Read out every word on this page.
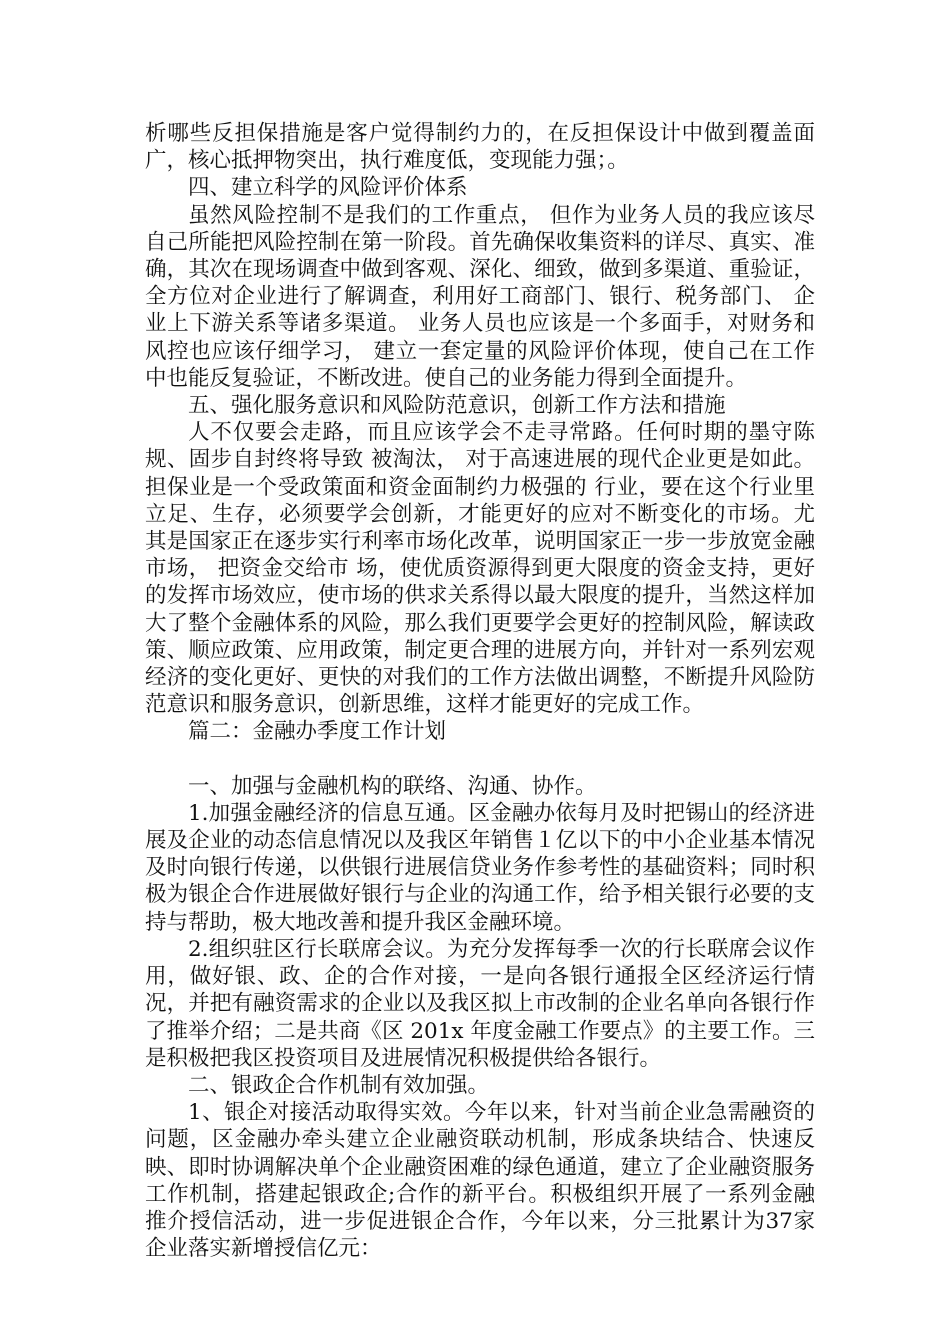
析哪些反担保措施是客户觉得制约力的，在反担保设计中做到覆盖面广，核心抵押物突出，执行难度低，变现能力强；。

四、建立科学的风险评价体系

虽然风险控制不是我们的工作重点， 但作为业务人员的我应该尽自己所能把风险控制在第一阶段。首先确保收集资料的详尽、真实、准确，其次在现场调查中做到客观、深化、细致，做到多渠道、重验证，全方位对企业进行了解调查，利用好工商部门、银行、税务部门、 企业上下游关系等诸多渠道。 业务人员也应该是一个多面手，对财务和风控也应该仔细学习， 建立一套定量的风险评价体现，使自己在工作中也能反复验证，不断改进。使自己的业务能力得到全面提升。

五、强化服务意识和风险防范意识，创新工作方法和措施

人不仅要会走路，而且应该学会不走寻常路。任何时期的墨守陈规、固步自封终将导致 被淘汰， 对于高速进展的现代企业更是如此。担保业是一个受政策面和资金面制约力极强的 行业，要在这个行业里立足、生存，必须要学会创新，才能更好的应对不断变化的市场。尤 其是国家正在逐步实行利率市场化改革，说明国家正一步一步放宽金融市场， 把资金交给市 场，使优质资源得到更大限度的资金支持，更好的发挥市场效应，使市场的供求关系得以最大限度的提升，当然这样加大了整个金融体系的风险，那么我们更要学会更好的控制风险，解读政策、顺应政策、应用政策，制定更合理的进展方向，并针对一系列宏观经济的变化更好、更快的对我们的工作方法做出调整，不断提升风险防范意识和服务意识，创新思维，这样才能更好的完成工作。

篇二：金融办季度工作计划

一、加强与金融机构的联络、沟通、协作。

1.加强金融经济的信息互通。区金融办依每月及时把锡山的经济进展及企业的动态信息情况以及我区年销售１亿以下的中小企业基本情况及时向银行传递，以供银行进展信贷业务作参考性的基础资料；同时积极为银企合作进展做好银行与企业的沟通工作，给予相关银行必要的支持与帮助，极大地改善和提升我区金融环境。

2.组织驻区行长联席会议。为充分发挥每季一次的行长联席会议作用，做好银、政、企的合作对接，一是向各银行通报全区经济运行情况，并把有融资需求的企业以及我区拟上市改制的企业名单向各银行作了推举介绍；二是共商《区 201x 年度金融工作要点》的主要工作。三是积极把我区投资项目及进展情况积极提供给各银行。

二、银政企合作机制有效加强。

1、银企对接活动取得实效。今年以来，针对当前企业急需融资的问题，区金融办牵头建立企业融资联动机制，形成条块结合、快速反映、即时协调解决单个企业融资困难的绿色通道，建立了企业融资服务工作机制，搭建起银政企;合作的新平台。积极组织开展了一系列金融推介授信活动，进一步促进银企合作，今年以来，分三批累计为37家企业落实新增授信亿元：
